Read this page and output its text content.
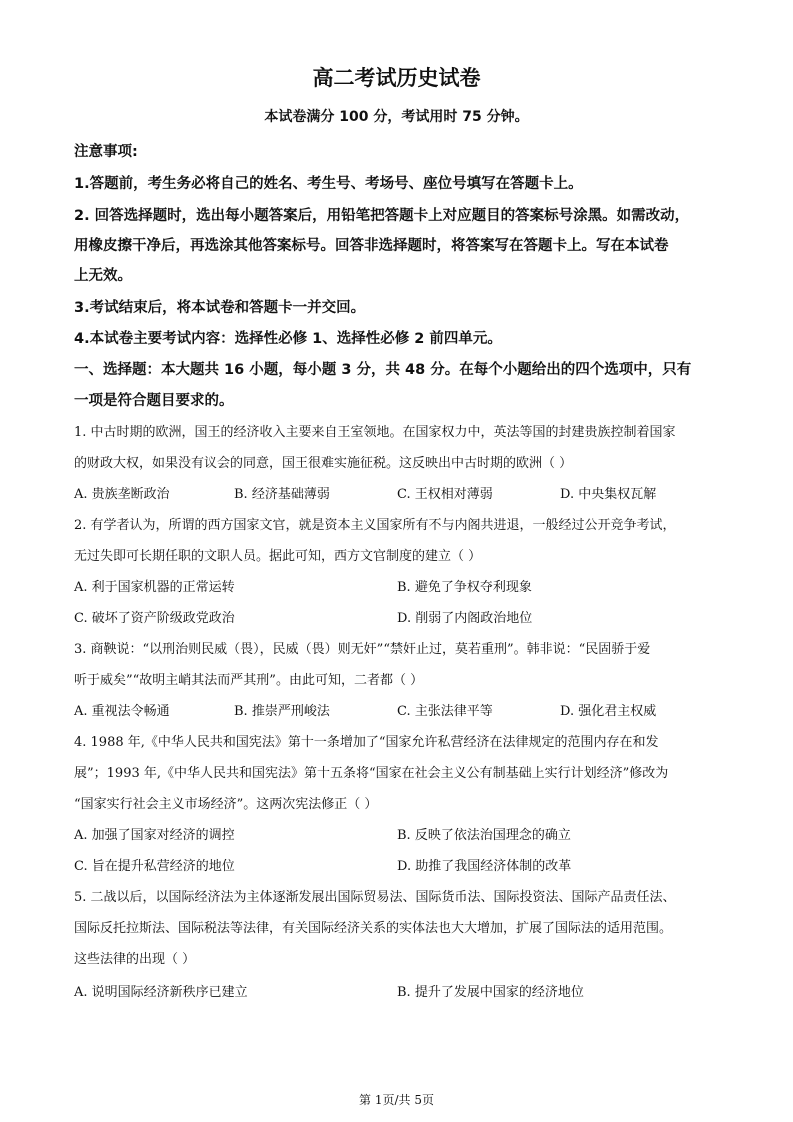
高二考试历史试卷
本试卷满分 100 分，考试用时 75 分钟。
注意事项:
1.答题前，考生务必将自己的姓名、考生号、考场号、座位号填写在答题卡上。
2. 回答选择题时，选出每小题答案后，用铅笔把答题卡上对应题目的答案标号涂黑。如需改动，
用橡皮擦干净后，再选涂其他答案标号。回答非选择题时，将答案写在答题卡上。写在本试卷
上无效。
3.考试结束后，将本试卷和答题卡一并交回。
4.本试卷主要考试内容：选择性必修 1、选择性必修 2 前四单元。
一、选择题：本大题共 16 小题，每小题 3 分，共 48 分。在每个小题给出的四个选项中，只有
一项是符合题目要求的。
1. 中古时期的欧洲，国王的经济收入主要来自王室领地。在国家权力中，英法等国的封建贵族控制着国家
的财政大权，如果没有议会的同意，国王很难实施征税。这反映出中古时期的欧洲（ ）
A. 贵族垄断政治	B. 经济基础薄弱	C. 王权相对薄弱	D. 中央集权瓦解
2. 有学者认为，所谓的西方国家文官，就是资本主义国家所有不与内阁共进退，一般经过公开竞争考试，
无过失即可长期任职的文职人员。据此可知，西方文官制度的建立（ ）
A. 利于国家机器的正常运转	B. 避免了争权夺利现象
C. 破坏了资产阶级政党政治	D. 削弱了内阁政治地位
3. 商鞅说：“以刑治则民威（畏），民威（畏）则无奸”“禁奸止过，莫若重刑”。韩非说：“民固骄于爱
听于威矣”“故明主峭其法而严其刑”。由此可知，二者都（ ）
A. 重视法令畅通	B. 推崇严刑峻法	C. 主张法律平等	D. 强化君主权威
4. 1988 年,《中华人民共和国宪法》第十一条增加了“国家允许私营经济在法律规定的范围内存在和发
展”；1993 年,《中华人民共和国宪法》第十五条将“国家在社会主义公有制基础上实行计划经济”修改为
“国家实行社会主义市场经济”。这两次宪法修正（ ）
A. 加强了国家对经济的调控	B. 反映了依法治国理念的确立
C. 旨在提升私营经济的地位	D. 助推了我国经济体制的改革
5. 二战以后，以国际经济法为主体逐渐发展出国际贸易法、国际货币法、国际投资法、国际产品责任法、
国际反托拉斯法、国际税法等法律，有关国际经济关系的实体法也大大增加，扩展了国际法的适用范围。
这些法律的出现（ ）
A. 说明国际经济新秩序已建立	B. 提升了发展中国家的经济地位
第 1页/共 5页
